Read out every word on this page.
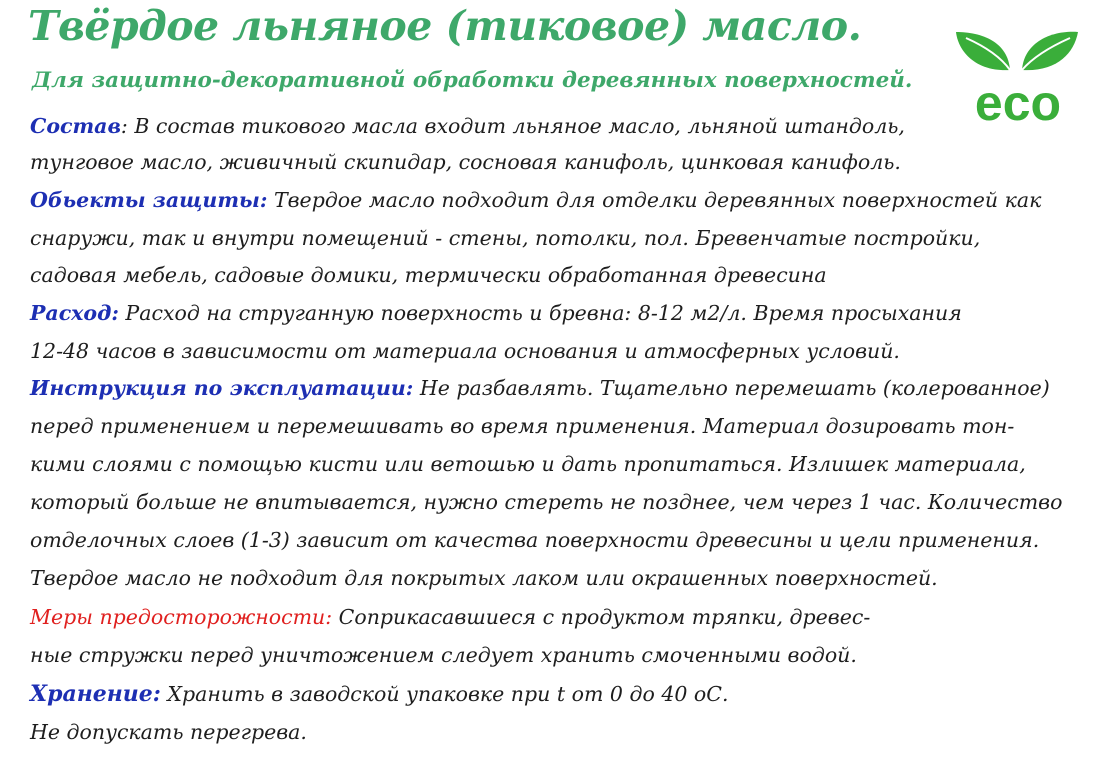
Твёрдое льняное (тиковое) масло.
Для защитно-декоративной обработки деревянных поверхностей. eco
Состав: В состав тикового масла входит льняное масло, льняной штандоль,
тунговое масло, живичный скипидар, сосновая канифоль, цинковая канифоль.
Обьекты защиты: Твердое масло подходит для отделки деревянных поверхностей как
снаружи, так и внутри помещений - стены, потолки, пол. Бревенчатые постройки,
садовая мебель, садовые домики, термически обработанная древесина
Расход: Расход на струганную поверхность и бревна: 8-12 м2/л. Время просыхания
12-48 часов в зависимости от материала основания и атмосферных условий.
Инструкция по эксплуатации: Не разбавлять. Тщательно перемешать (колерованное)
перед применением и перемешивать во время применения. Материал дозировать тон-
кими слоями с помощью кисти или ветошью и дать пропитаться. Излишек материала,
который больше не впитывается, нужно стереть не позднее, чем через 1 час. Количество
отделочных слоев (1-3) зависит от качества поверхности древесины и цели применения.
Твердое масло не подходит для покрытых лаком или окрашенных поверхностей.
Меры предосторожности: Соприкасавшиеся с продуктом тряпки, древес-
ные стружки перед уничтожением следует хранить смоченными водой.
Хранение: Хранить в заводской упаковке при t от 0 до 40 оС.
Не допускать перегрева.
